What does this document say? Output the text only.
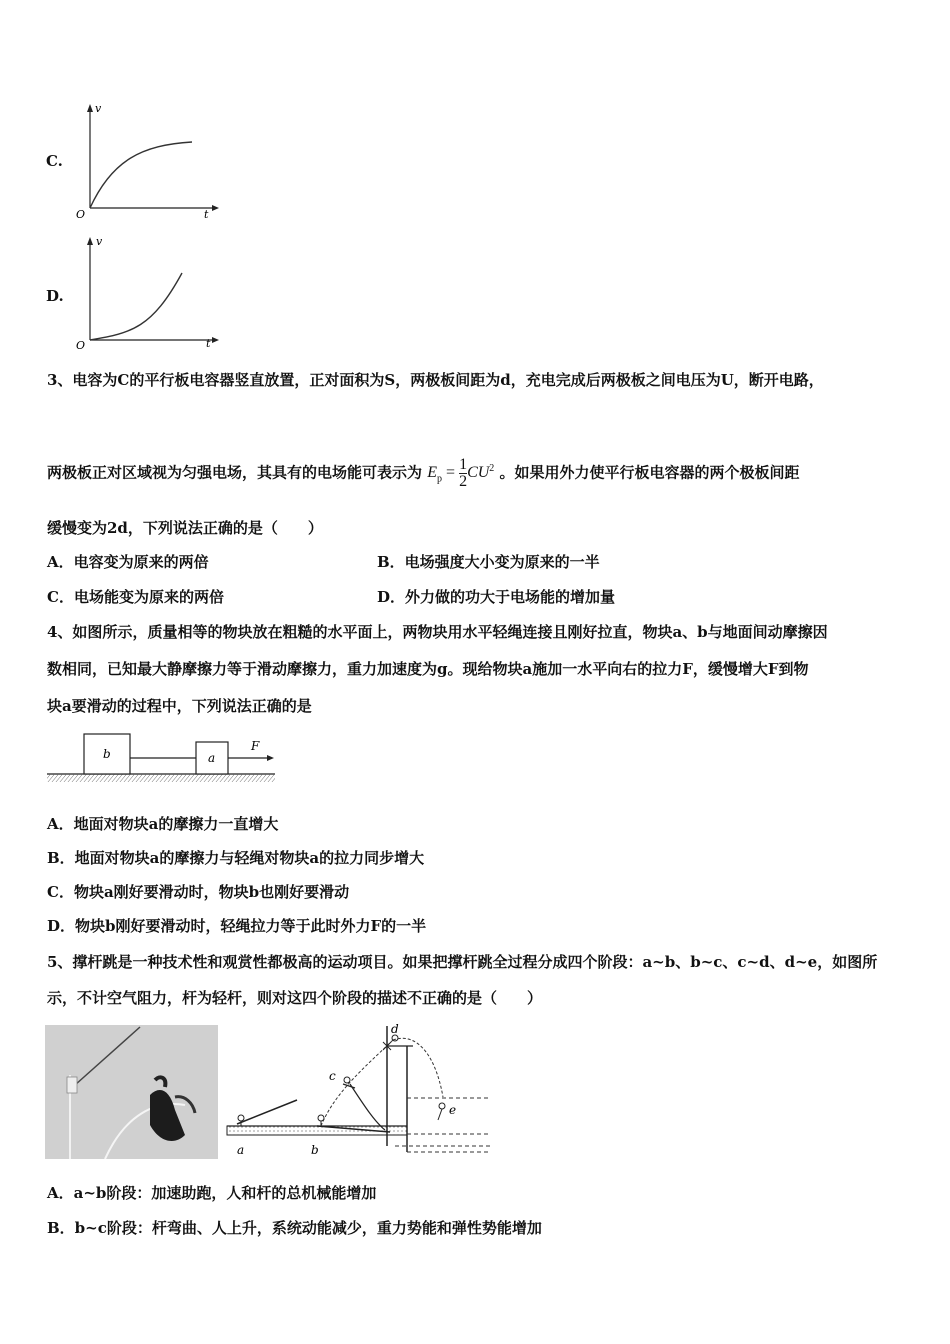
C.
v
t
O
D.
v
t
O
3、电容为C的平行板电容器竖直放置，正对面积为S，两极板间距为d，充电完成后两极板之间电压为U，断开电路，
两极板正对区域视为匀强电场，其具有的电场能可表示为 $E_p = \frac{1}{2} CU^2$ 。如果用外力使平行板电容器的两个极板间距
缓慢变为2d，下列说法正确的是（　　）
A．电容变为原来的两倍	B．电场强度大小变为原来的一半
C．电场能变为原来的两倍	D．外力做的功大于电场能的增加量
4、如图所示，质量相等的物块放在粗糙的水平面上，两物块用水平轻绳连接且刚好拉直，物块a、b与地面间动摩擦因
数相同，已知最大静摩擦力等于滑动摩擦力，重力加速度为g。现给物块a施加一水平向右的拉力F，缓慢增大F到物
块a要滑动的过程中，下列说法正确的是
b	a
F
A．地面对物块a的摩擦力一直增大
B．地面对物块a的摩擦力与轻绳对物块a的拉力同步增大
C．物块a刚好要滑动时，物块b也刚好要滑动
D．物块b刚好要滑动时，轻绳拉力等于此时外力F的一半
5、撑杆跳是一种技术性和观赏性都极高的运动项目。如果把撑杆跳全过程分成四个阶段：a~b、b~c、c~d、d~e，如图所
示，不计空气阻力，杆为轻杆，则对这四个阶段的描述不正确的是（　　）
a	b
c
d
e
A．a~b阶段：加速助跑，人和杆的总机械能增加
B．b~c阶段：杆弯曲、人上升，系统动能减少，重力势能和弹性势能增加
